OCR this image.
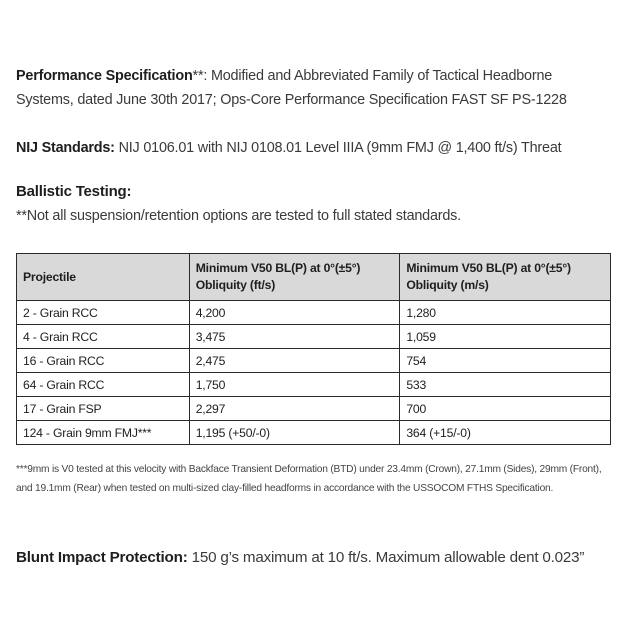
Performance Specification**: Modified and Abbreviated Family of Tactical Headborne Systems, dated June 30th 2017; Ops-Core Performance Specification FAST SF PS-1228
NIJ Standards: NIJ 0106.01 with NIJ 0108.01 Level IIIA (9mm FMJ @ 1,400 ft/s) Threat
Ballistic Testing:
**Not all suspension/retention options are tested to full stated standards.
Projectile	Minimum V50 BL(P) at 0°(±5°) Obliquity (ft/s)	Minimum V50 BL(P) at 0°(±5°) Obliquity (m/s)
2 - Grain RCC	4,200	1,280
4 - Grain RCC	3,475	1,059
16 - Grain RCC	2,475	754
64 - Grain RCC	1,750	533
17 - Grain FSP	2,297	700
124 - Grain 9mm FMJ***	1,195 (+50/-0)	364 (+15/-0)
***9mm is V0 tested at this velocity with Backface Transient Deformation (BTD) under 23.4mm (Crown), 27.1mm (Sides), 29mm (Front), and 19.1mm (Rear) when tested on multi-sized clay-filled headforms in accordance with the USSOCOM FTHS Specification.
Blunt Impact Protection: 150 g’s maximum at 10 ft/s. Maximum allowable dent 0.023”
